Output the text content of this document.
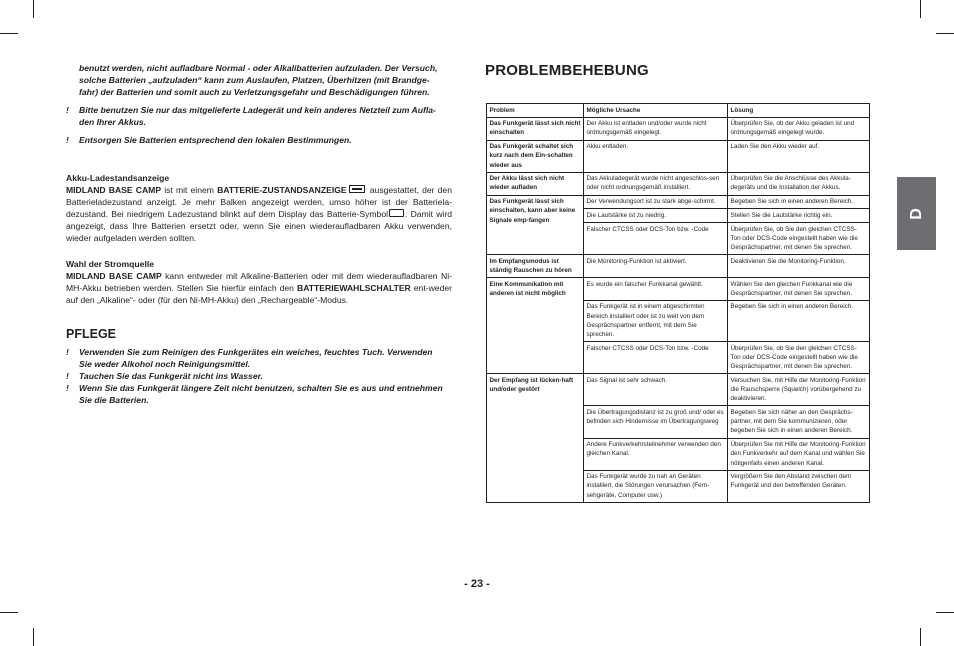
benutzt werden, nicht aufladbare Normal - oder Alkalibatterien aufzuladen. Der Versuch,
solche Batterien „aufzuladen“ kann zum Auslaufen, Platzen, Überhitzen (mit Brandge-
fahr) der Batterien und somit auch zu Verletzungsgefahr und Beschädigungen führen.
! Bitte benutzen Sie nur das mitgelieferte Ladegerät und kein anderes Netzteil zum Aufla-
den Ihrer Akkus.
! Entsorgen Sie Batterien entsprechend den lokalen Bestimmungen.
Akku-Ladestandsanzeige
MIDLAND BASE CAMP ist mit einem BATTERIE-ZUSTANDSANZEIGE ausgestattet, der den Batterieladezustand anzeigt. Je mehr Balken angezeigt werden, umso höher ist der Batteriela-dezustand. Bei niedrigem Ladezustand blinkt auf dem Display das Batterie-Symbol . Damit wird angezeigt, dass Ihre Batterien ersetzt oder, wenn Sie einen wiederaufladbaren Akku verwenden, wieder aufgeladen werden sollten.
Wahl der Stromquelle
MIDLAND BASE CAMP kann entweder mit Alkaline-Batterien oder mit dem wiederaufladbaren Ni-MH-Akku betrieben werden. Stellen Sie hierfür einfach den BATTERIEWAHLSCHALTER ent-weder auf den „Alkaline“- oder (für den Ni-MH-Akku) den „Rechargeable“-Modus.
PFLEGE
! Verwenden Sie zum Reinigen des Funkgerätes ein weiches, feuchtes Tuch. Verwenden
Sie weder Alkohol noch Reinigungsmittel.
! Tauchen Sie das Funkgerät nicht ins Wasser.
! Wenn Sie das Funkgerät längere Zeit nicht benutzen, schalten Sie es aus und entnehmen
Sie die Batterien.
PROBLEMBEHEBUNG
Problem	Mögliche Ursache	Lösung
Das Funkgerät lässt sich nicht einschalten	Der Akku ist entladen und/oder wurde nicht ordnungsgemäß eingelegt.	Überprüfen Sie, ob der Akku geladen ist und ordnungsgemäß eingelegt wurde.
Das Funkgerät schaltet sich kurz nach dem Ein-schalten wieder aus	Akku entladen.	Laden Sie den Akku wieder auf.
Der Akku lässt sich nicht wieder aufladen	Das Akkuladegerät wurde nicht angeschlos-sen oder nicht ordnungsgemäß installiert.	Überprüfen Sie die Anschlüsse des Akkula-degeräts und die Installation der Akkus.
Das Funkgerät lässt sich einschalten, kann aber keine Signale emp-fangen	Der Verwendungsort ist zu stark abge-schirmt.	Begeben Sie sich in einen anderen Bereich.
	Die Lautstärke ist zu niedrig.	Stellen Sie die Lautstärke richtig ein.
	Falscher CTCSS oder DCS-Ton bzw. -Code	Überprüfen Sie, ob Sie den gleichen CTCSS-Ton oder DCS-Code eingestellt haben wie die Gesprächspartner, mit denen Sie sprechen.
Im Empfangsmodus ist ständig Rauschen zu hören	Die Monitoring-Funktion ist aktiviert.	Deaktivieren Sie die Monitoring-Funktion.
Eine Kommunikation mit anderen ist nicht möglich	Es wurde ein falscher Funkkanal gewählt.	Wählen Sie den gleichen Funkkanal wie die Gesprächspartner, mit denen Sie sprechen.
	Das Funkgerät ist in einem abgeschirmten Bereich installiert oder ist zu weit von dem Gesprächspartner entfernt, mit dem Sie sprechen.	Begeben Sie sich in einen anderen Bereich.
	Falscher CTCSS oder DCS-Ton bzw. -Code	Überprüfen Sie, ob Sie den gleichen CTCSS-Ton oder DCS-Code eingestellt haben wie die Gesprächspartner, mit denen Sie sprechen.
Der Empfang ist lücken-haft und/oder gestört	Das Signal ist sehr schwach.	Versuchen Sie, mit Hilfe der Monitoring-Funktion die Rauschsperre (Squelch) vorübergehend zu deaktivieren.
	Die Übertragungsdistanz ist zu groß und/ oder es befinden sich Hindernisse im Übertragungsweg	Begeben Sie sich näher an den Gesprächs-partner, mit dem Sie kommunizieren, oder begeben Sie sich in einen anderen Bereich.
	Andere Funkverkehrsteilnehmer verwenden den gleichen Kanal.	Überprüfen Sie mit Hilfe der Monitoring-Funktion den Funkverkehr auf dem Kanal und wählen Sie nötigenfalls einen anderen Kanal.
	Das Funkgerät wurde zu nah an Geräten installiert, die Störungen verursachen (Fern-sehgeräte, Computer usw.)	Vergrößern Sie den Abstand zwischen dem Funkgerät und den betreffenden Geräten.
D
- 23 -
